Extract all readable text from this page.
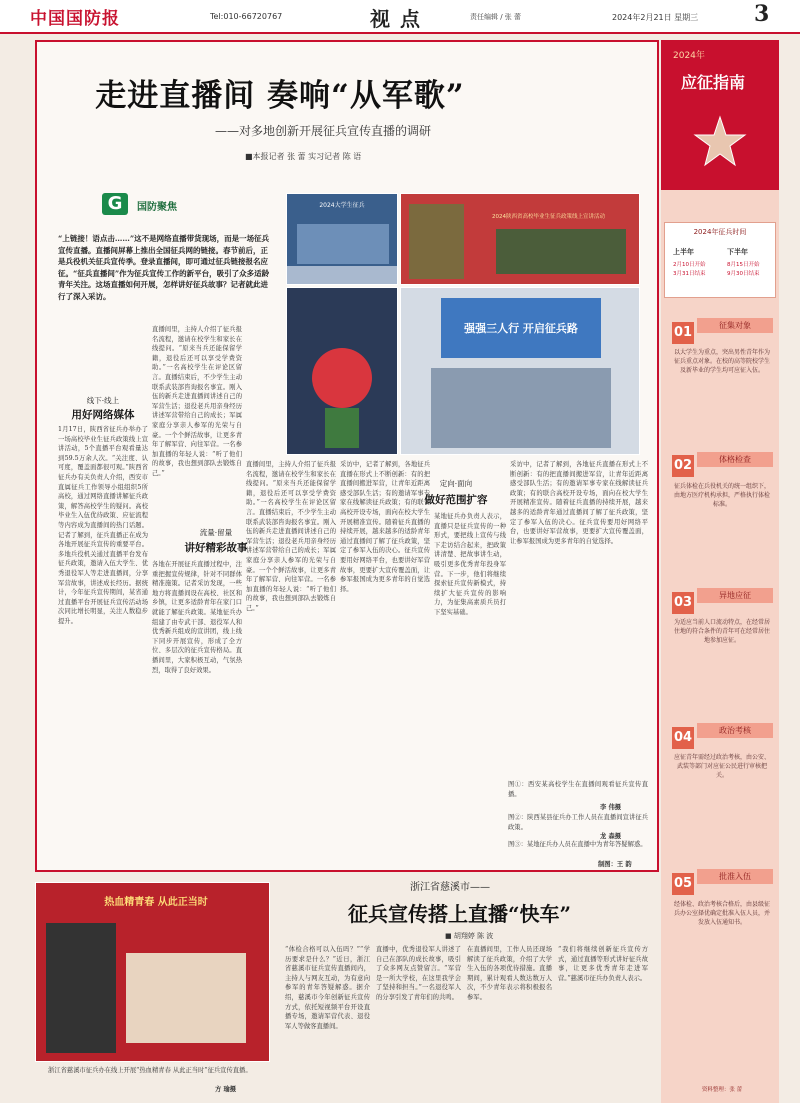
中国国防报	Tel:010-66720767	视点	责任编辑 / 张 蕾	2024年2月21日 星期三	3
走进直播间 奏响“从军歌”
——对多地创新开展征兵宣传直播的调研
■本报记者 张 蕾 实习记者 陈 语
G	国防聚焦
“上链接！语点击……”这不是网络直播带货现场，而是一场征兵宣传直播。直播间屏幕上推出全国征兵网的链接。春节前后，正是兵役机关征兵宣传季。登录直播间，即可通过征兵链接报名应征。“征兵直播间”作为征兵宣传工作的新平台，吸引了众多适龄青年关注。这场直播如何开展，怎样讲好征兵故事？记者就此进行了深入采访。
2024大学生征兵
2024陕西省高校毕业生征兵政策线上宣讲活动
强强三人行 开启征兵路
图①：西安某高校学生在直播间观看征兵宣传直播。
李 伟摄
图②：陕西某县征兵办工作人员在直播间宣讲征兵政策。
龙 森摄
图③：某地征兵办人员在直播中为青年答疑解惑。
制图：王 韵
线下·线上
用好网络媒体
1月17日，陕西省征兵办举办了一场高校毕业生征兵政策线上宣讲活动，5个直播平台观看量达到59.5万余人次。“关注度、认可度，覆盖面都很可观。”陕西省征兵办有关负责人介绍，西安市直属征兵工作领导小组组织5所高校，通过网络直播讲解征兵政策，解答高校学生的疑问。高校毕业生入伍优待政策、应征流程等内容成为直播间的热门话题。记者了解到，征兵直播正在成为各地开展征兵宣传的重要平台。多地兵役机关通过直播平台发布征兵政策，邀请入伍大学生、优秀退役军人等走进直播间，分享军营故事，讲述成长经历。据统计，今年征兵宣传期间，某省通过直播平台开展征兵宣传活动场次同比增长明显，关注人数稳步提升。
直播间里，主持人介绍了征兵报名流程，邀请在校学生和家长在线提问。“原来当兵还能保留学籍，退役后还可以享受学费资助。”一名高校学生在评论区留言。直播结束后，不少学生主动联系武装部咨询报名事宜。刚入伍的新兵走进直播间讲述自己的军营生活；退役老兵用亲身经历讲述军营带给自己的成长；军属家庭分享亲人参军的光荣与自豪。一个个鲜活故事，让更多青年了解军营、向往军营。一名参加直播的年轻人说：“听了他们的故事，我也想到部队去锻炼自己。”
流量·留量
讲好精彩故事
各地在开展征兵直播过程中，注重把握宣传规律，针对不同群体精准施策。记者采访发现，一些地方将直播间设在高校、社区和乡镇，让更多适龄青年在家门口就能了解征兵政策。某地征兵办组建了由专武干部、退役军人和优秀新兵组成的宣讲团，线上线下同步开展宣传，形成了全方位、多层次的征兵宣传格局。直播间里，大家积极互动，气氛热烈，取得了良好效果。
直播间里，主持人介绍了征兵报名流程，邀请在校学生和家长在线提问。“原来当兵还能保留学籍，退役后还可以享受学费资助。”一名高校学生在评论区留言。直播结束后，不少学生主动联系武装部咨询报名事宜。刚入伍的新兵走进直播间讲述自己的军营生活；退役老兵用亲身经历讲述军营带给自己的成长；军属家庭分享亲人参军的光荣与自豪。一个个鲜活故事，让更多青年了解军营、向往军营。一名参加直播的年轻人说：“听了他们的故事，我也想到部队去锻炼自己。”
采访中，记者了解到，各地征兵直播在形式上不断创新：有的把直播间搬进军营，让青年近距离感受部队生活；有的邀请军事专家在线解读征兵政策；有的联合高校开设专场，面向在校大学生开展精准宣传。随着征兵直播的持续开展，越来越多的适龄青年通过直播间了解了征兵政策，坚定了参军入伍的决心。征兵宣传要用好网络平台，也要讲好军营故事，更要扩大宣传覆盖面，让参军报国成为更多青年的自觉选择。
定向·面向
做好范围扩容
某地征兵办负责人表示，直播只是征兵宣传的一种形式，要把线上宣传与线下走访结合起来，把政策讲清楚、把故事讲生动，吸引更多优秀青年投身军营。下一步，他们将继续探索征兵宣传新模式，持续扩大征兵宣传的影响力，为征集高素质兵员打下坚实基础。
采访中，记者了解到，各地征兵直播在形式上不断创新：有的把直播间搬进军营，让青年近距离感受部队生活；有的邀请军事专家在线解读征兵政策；有的联合高校开设专场，面向在校大学生开展精准宣传。随着征兵直播的持续开展，越来越多的适龄青年通过直播间了解了征兵政策，坚定了参军入伍的决心。征兵宣传要用好网络平台，也要讲好军营故事，更要扩大宣传覆盖面，让参军报国成为更多青年的自觉选择。
2024年
应征指南
2024年征兵时间
上半年
2月10日开始
3月31日结束
下半年
8月15日开始
9月30日结束
01	征集对象
以大学生为重点，突出男性青年作为征兵重点对象。在校的高等院校学生及新毕业的学生均可应征入伍。
02	体格检查
征兵体检在兵役机关的统一组织下，由地方医疗机构承担，严格执行体检标准。
03	异地应征
为适应当前人口流动特点，在经常居住地的符合条件的青年可在经常居住地参加应征。
04	政治考核
应征青年需经过政治考核，由公安、武装等部门对应征公民进行审核把关。
05	批准入伍
经体检、政治考核合格后，由县级征兵办公室择优确定批准入伍人员，并发放入伍通知书。
资料整理：张 蕾
热血精青春 从此正当时
浙江省慈溪市征兵办在线上开展“热血精青春 从此正当时”征兵宣传直播。
方 瑜摄
浙江省慈溪市——
征兵宣传搭上直播“快车”
■ 胡翔婷 陈 波
“体检合格可以入伍吗？”“学历要求是什么？”近日，浙江省慈溪市征兵宣传直播间内，主持人与网友互动，为有意向参军的青年答疑解惑。据介绍，慈溪市今年创新征兵宣传方式，依托短视频平台开设直播专场，邀请军营代表、退役军人等做客直播间。
直播中，优秀退役军人讲述了自己在部队的成长故事，吸引了众多网友点赞留言。“军营是一所大学校，在这里我学会了坚持和担当。”一名退役军人的分享引发了青年们的共鸣。
在直播间里，工作人员还现场解读了征兵政策，介绍了大学生入伍的各项优待措施。直播期间，累计观看人数达数万人次，不少青年表示将积极报名参军。
“我们将继续创新征兵宣传方式，通过直播等形式讲好征兵故事，让更多优秀青年走进军营。”慈溪市征兵办负责人表示。
